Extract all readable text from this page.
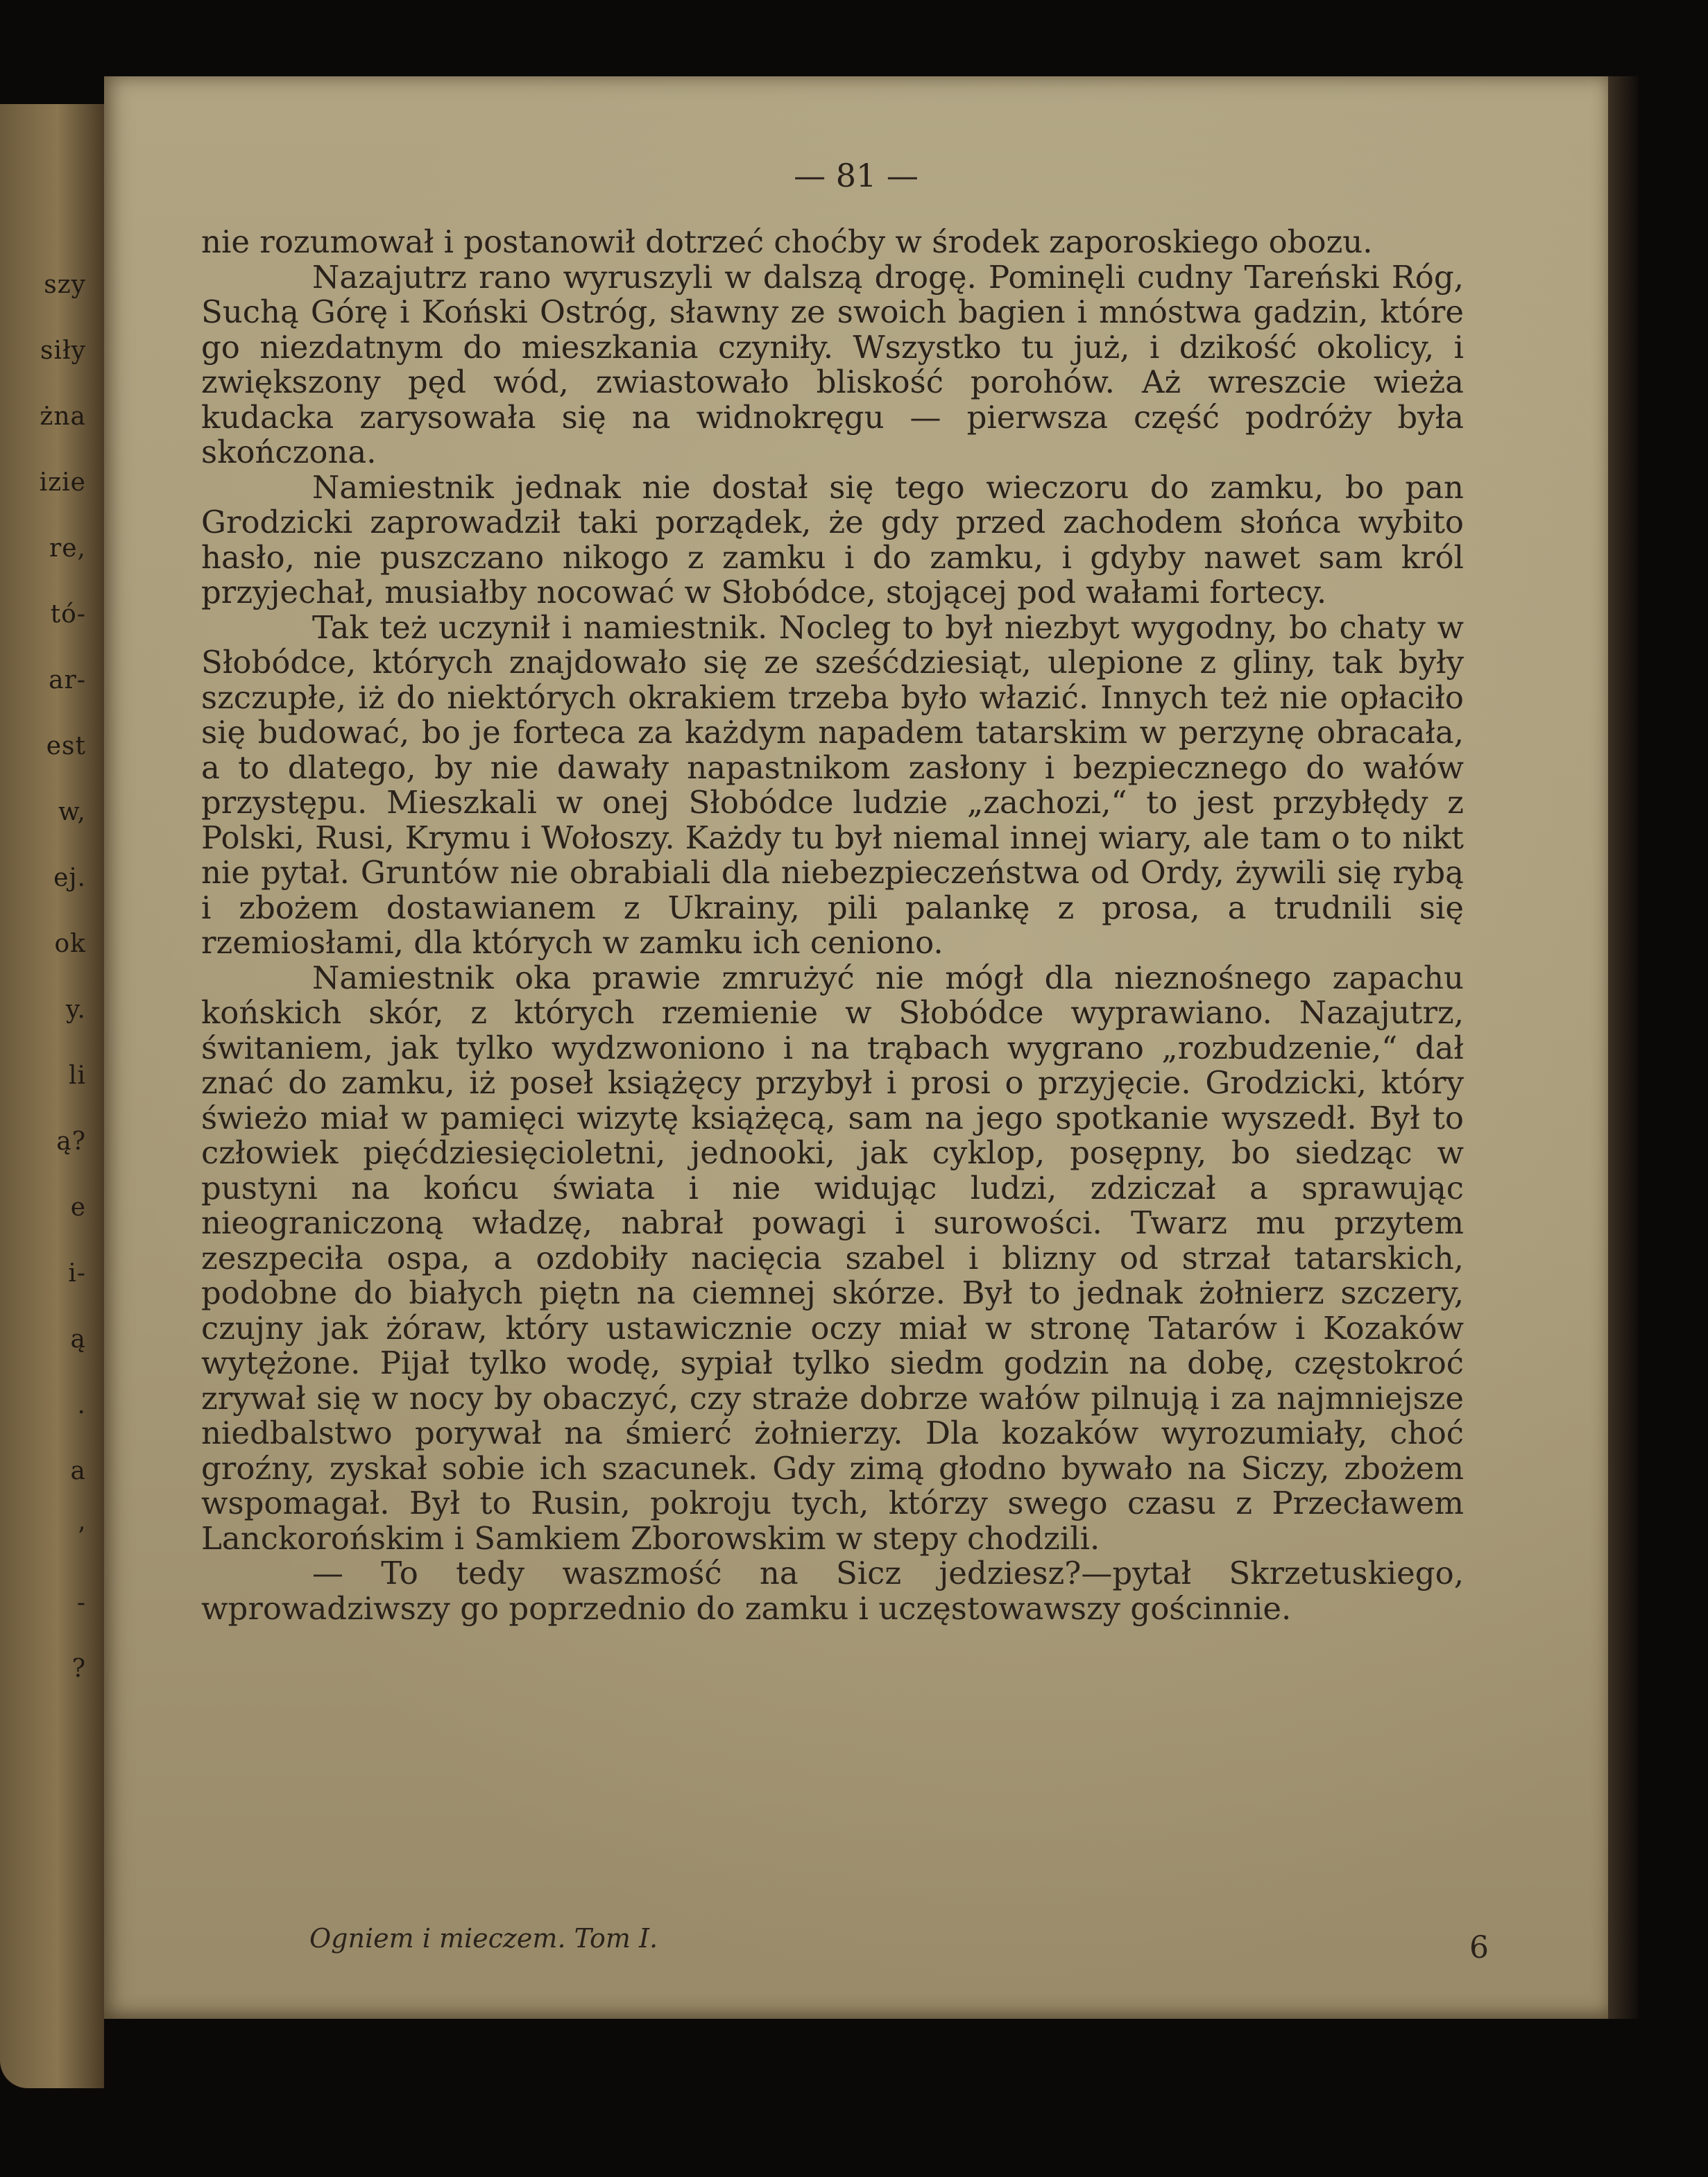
szy
siły
żna
izie
re,
tó-
ar-
est
w,
ej.
ok
y.
li
ą?
e
i-
ą
.
a
’
-
?
— 81 —

nie rozumował i postanowił dotrzeć choćby w środek zaporoskiego obozu.

Nazajutrz rano wyruszyli w dalszą drogę. Pominęli cudny Tareński Róg, Suchą Górę i Koński Ostróg, sławny ze swoich bagien i mnóstwa gadzin, które go niezdatnym do mieszkania czyniły. Wszystko tu już, i dzikość okolicy, i zwiększony pęd wód, zwiastowało bliskość porohów. Aż wreszcie wieża kudacka zarysowała się na widnokręgu — pierwsza część podróży była skończona.

Namiestnik jednak nie dostał się tego wieczoru do zamku, bo pan Grodzicki zaprowadził taki porządek, że gdy przed zachodem słońca wybito hasło, nie puszczano nikogo z zamku i do zamku, i gdyby nawet sam król przyjechał, musiałby nocować w Słobódce, stojącej pod wałami fortecy.

Tak też uczynił i namiestnik. Nocleg to był niezbyt wygodny, bo chaty w Słobódce, których znajdowało się ze sześćdziesiąt, ulepione z gliny, tak były szczupłe, iż do niektórych okrakiem trzeba było włazić. Innych też nie opłaciło się budować, bo je forteca za każdym napadem tatarskim w perzynę obracała, a to dlatego, by nie dawały napastnikom zasłony i bezpiecznego do wałów przystępu. Mieszkali w onej Słobódce ludzie „zachozi,“ to jest przybłędy z Polski, Rusi, Krymu i Wołoszy. Każdy tu był niemal innej wiary, ale tam o to nikt nie pytał. Gruntów nie obrabiali dla niebezpieczeństwa od Ordy, żywili się rybą i zbożem dostawianem z Ukrainy, pili palankę z prosa, a trudnili się rzemiosłami, dla których w zamku ich ceniono.

Namiestnik oka prawie zmrużyć nie mógł dla nieznośnego zapachu końskich skór, z których rzemienie w Słobódce wyprawiano. Nazajutrz, świtaniem, jak tylko wydzwoniono i na trąbach wygrano „rozbudzenie,“ dał znać do zamku, iż poseł książęcy przybył i prosi o przyjęcie. Grodzicki, który świeżo miał w pamięci wizytę książęcą, sam na jego spotkanie wyszedł. Był to człowiek pięćdziesięcioletni, jednooki, jak cyklop, posępny, bo siedząc w pustyni na końcu świata i nie widując ludzi, zdziczał a sprawując nieograniczoną władzę, nabrał powagi i surowości. Twarz mu przytem zeszpeciła ospa, a ozdobiły nacięcia szabel i blizny od strzał tatarskich, podobne do białych piętn na ciemnej skórze. Był to jednak żołnierz szczery, czujny jak żóraw, który ustawicznie oczy miał w stronę Tatarów i Kozaków wytężone. Pijał tylko wodę, sypiał tylko siedm godzin na dobę, częstokroć zrywał się w nocy by obaczyć, czy straże dobrze wałów pilnują i za najmniejsze niedbalstwo porywał na śmierć żołnierzy. Dla kozaków wyrozumiały, choć groźny, zyskał sobie ich szacunek. Gdy zimą głodno bywało na Siczy, zbożem wspomagał. Był to Rusin, pokroju tych, którzy swego czasu z Przecławem Lanckorońskim i Samkiem Zborowskim w stepy chodzili.

— To tedy waszmość na Sicz jedziesz?—pytał Skrzetuskiego, wprowadziwszy go poprzednio do zamku i uczęstowawszy gościnnie.

Ogniem i mieczem. Tom I.	6
